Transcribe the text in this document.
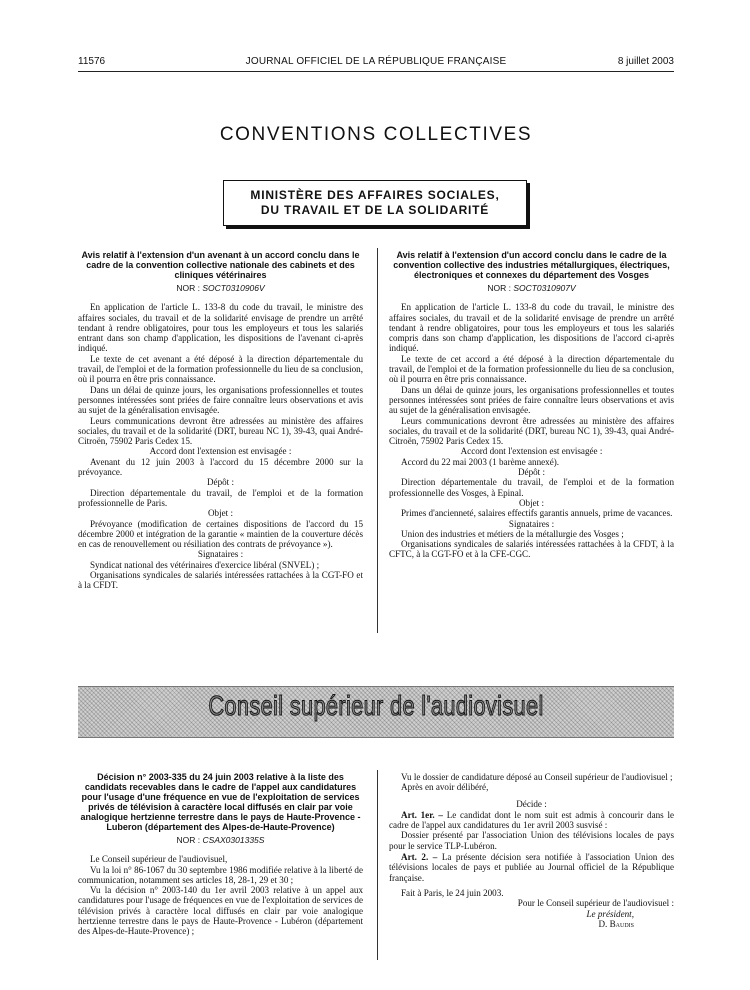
11576	JOURNAL OFFICIEL DE LA RÉPUBLIQUE FRANÇAISE	8 juillet 2003
CONVENTIONS COLLECTIVES
MINISTÈRE DES AFFAIRES SOCIALES,
DU TRAVAIL ET DE LA SOLIDARITÉ

Avis relatif à l'extension d'un avenant à un accord conclu dans le cadre de la convention collective nationale des cabinets et des cliniques vétérinaires

NOR : SOCT0310906V

En application de l'article L. 133-8 du code du travail, le ministre des affaires sociales, du travail et de la solidarité envisage de prendre un arrêté tendant à rendre obligatoires, pour tous les employeurs et tous les salariés entrant dans son champ d'application, les dispositions de l'avenant ci-après indiqué.

Le texte de cet avenant a été déposé à la direction départementale du travail, de l'emploi et de la formation professionnelle du lieu de sa conclusion, où il pourra en être pris connaissance.

Dans un délai de quinze jours, les organisations professionnelles et toutes personnes intéressées sont priées de faire connaître leurs observations et avis au sujet de la généralisation envisagée.

Leurs communications devront être adressées au ministère des affaires sociales, du travail et de la solidarité (DRT, bureau NC 1), 39-43, quai André-Citroën, 75902 Paris Cedex 15.

Accord dont l'extension est envisagée :

Avenant du 12 juin 2003 à l'accord du 15 décembre 2000 sur la prévoyance.

Dépôt :

Direction départementale du travail, de l'emploi et de la formation professionnelle de Paris.

Objet :

Prévoyance (modification de certaines dispositions de l'accord du 15 décembre 2000 et intégration de la garantie « maintien de la couverture décès en cas de renouvellement ou résiliation des contrats de prévoyance »).

Signataires :

Syndicat national des vétérinaires d'exercice libéral (SNVEL) ;

Organisations syndicales de salariés intéressées rattachées à la CGT-FO et à la CFDT.

Avis relatif à l'extension d'un accord conclu dans le cadre de la convention collective des industries métallurgiques, électriques, électroniques et connexes du département des Vosges

NOR : SOCT0310907V

En application de l'article L. 133-8 du code du travail, le ministre des affaires sociales, du travail et de la solidarité envisage de prendre un arrêté tendant à rendre obligatoires, pour tous les employeurs et tous les salariés compris dans son champ d'application, les dispositions de l'accord ci-après indiqué.

Le texte de cet accord a été déposé à la direction départementale du travail, de l'emploi et de la formation professionnelle du lieu de sa conclusion, où il pourra en être pris connaissance.

Dans un délai de quinze jours, les organisations professionnelles et toutes personnes intéressées sont priées de faire connaître leurs observations et avis au sujet de la généralisation envisagée.

Leurs communications devront être adressées au ministère des affaires sociales, du travail et de la solidarité (DRT, bureau NC 1), 39-43, quai André-Citroën, 75902 Paris Cedex 15.

Accord dont l'extension est envisagée :

Accord du 22 mai 2003 (1 barème annexé).

Dépôt :

Direction départementale du travail, de l'emploi et de la formation professionnelle des Vosges, à Epinal.

Objet :

Primes d'ancienneté, salaires effectifs garantis annuels, prime de vacances.

Signataires :

Union des industries et métiers de la métallurgie des Vosges ;

Organisations syndicales de salariés intéressées rattachées à la CFDT, à la CFTC, à la CGT-FO et à la CFE-CGC.

Conseil supérieur de l'audiovisuel

Décision n° 2003-335 du 24 juin 2003 relative à la liste des candidats recevables dans le cadre de l'appel aux candidatures pour l'usage d'une fréquence en vue de l'exploitation de services privés de télévision à caractère local diffusés en clair par voie analogique hertzienne terrestre dans le pays de Haute-Provence - Luberon (département des Alpes-de-Haute-Provence)

NOR : CSAX0301335S

Le Conseil supérieur de l'audiovisuel,

Vu la loi n° 86-1067 du 30 septembre 1986 modifiée relative à la liberté de communication, notamment ses articles 18, 28-1, 29 et 30 ;

Vu la décision n° 2003-140 du 1er avril 2003 relative à un appel aux candidatures pour l'usage de fréquences en vue de l'exploitation de services de télévision privés à caractère local diffusés en clair par voie analogique hertzienne terrestre dans le pays de Haute-Provence - Lubéron (département des Alpes-de-Haute-Provence) ;

Vu le dossier de candidature déposé au Conseil supérieur de l'audiovisuel ;

Après en avoir délibéré,

Décide :

Art. 1er. – Le candidat dont le nom suit est admis à concourir dans le cadre de l'appel aux candidatures du 1er avril 2003 susvisé :

Dossier présenté par l'association Union des télévisions locales de pays pour le service TLP-Lubéron.

Art. 2. – La présente décision sera notifiée à l'association Union des télévisions locales de pays et publiée au Journal officiel de la République française.

Fait à Paris, le 24 juin 2003.

Pour le Conseil supérieur de l'audiovisuel :

Le président,

D. Baudis
